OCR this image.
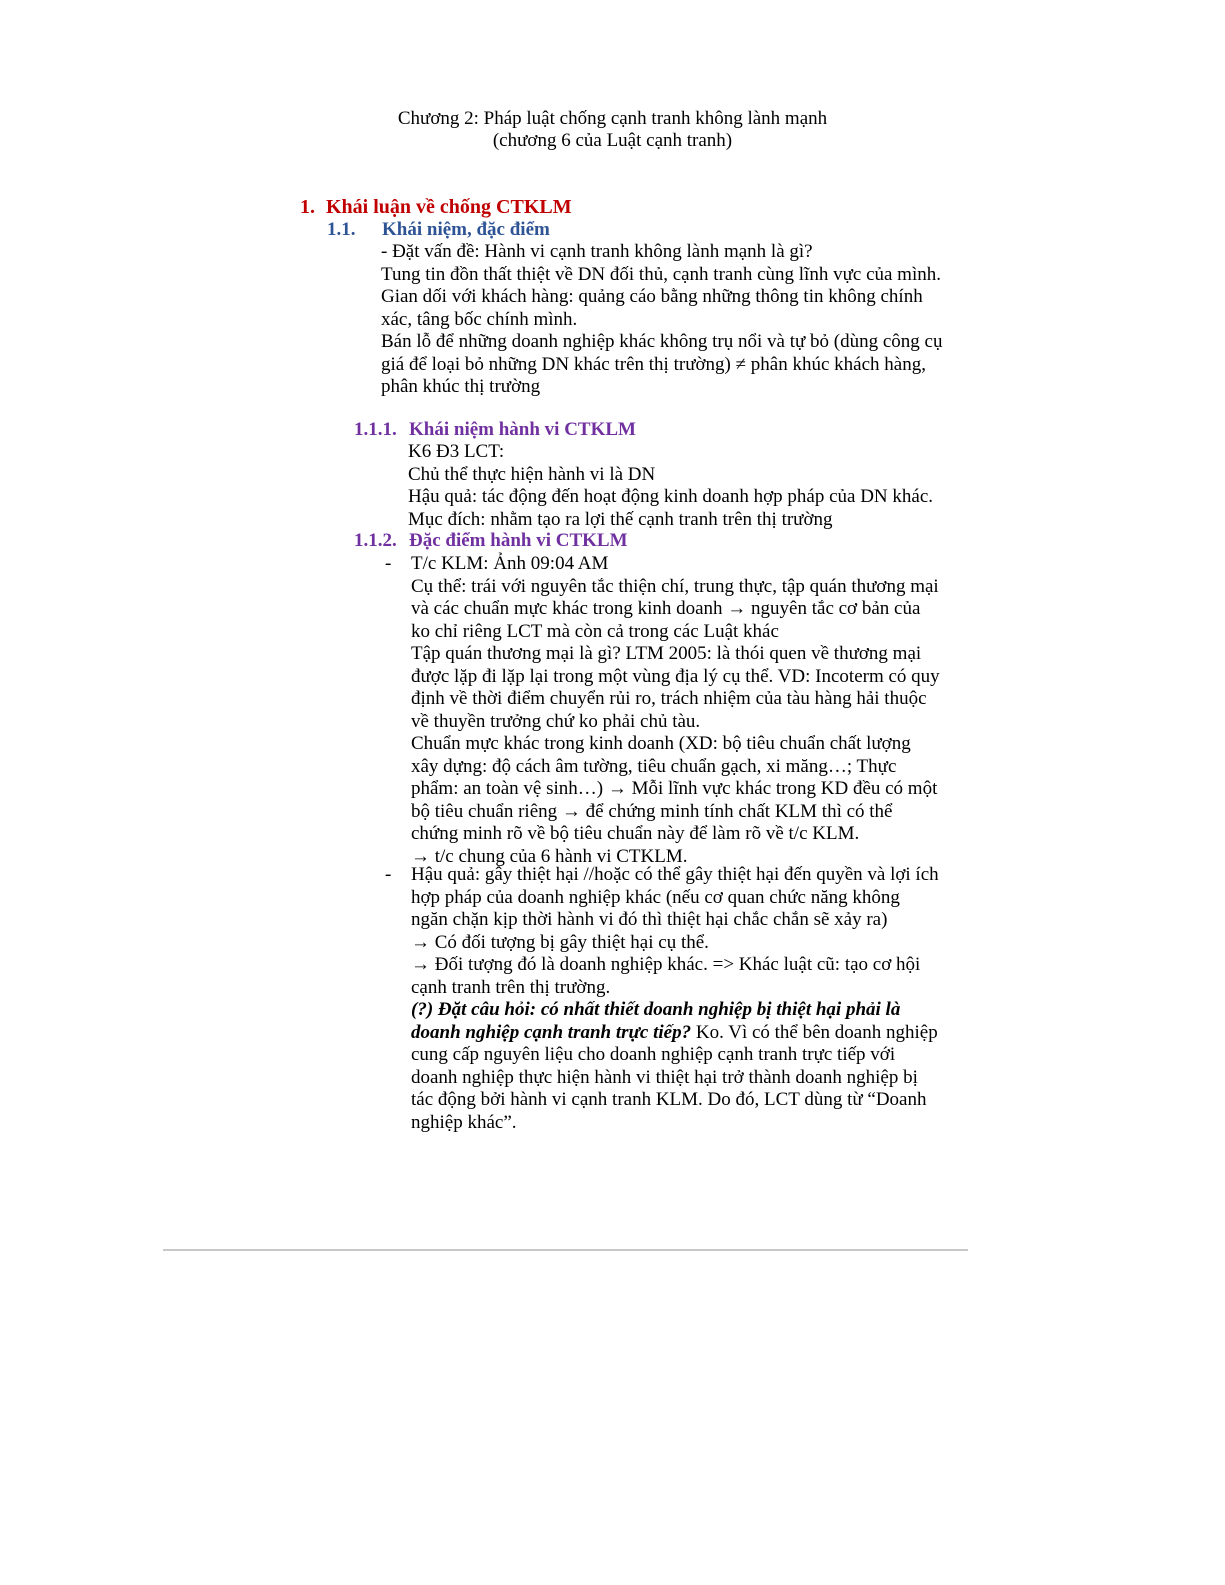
Chương 2: Pháp luật chống cạnh tranh không lành mạnh
(chương 6 của Luật cạnh tranh)
1. Khái luận về chống CTKLM
1.1. Khái niệm, đặc điểm

- Đặt vấn đề: Hành vi cạnh tranh không lành mạnh là gì?

Tung tin đồn thất thiệt về DN đối thủ, cạnh tranh cùng lĩnh vực của mình.

Gian dối với khách hàng: quảng cáo bằng những thông tin không chính xác, tâng bốc chính mình.

Bán lỗ để những doanh nghiệp khác không trụ nổi và tự bỏ (dùng công cụ giá để loại bỏ những DN khác trên thị trường) ≠ phân khúc khách hàng, phân khúc thị trường

1.1.1. Khái niệm hành vi CTKLM

K6 Đ3 LCT:

Chủ thể thực hiện hành vi là DN

Hậu quả: tác động đến hoạt động kinh doanh hợp pháp của DN khác.

Mục đích: nhằm tạo ra lợi thế cạnh tranh trên thị trường

1.1.2. Đặc điểm hành vi CTKLM
- T/c KLM: Ảnh 09:04 AM

Cụ thể: trái với nguyên tắc thiện chí, trung thực, tập quán thương mại và các chuẩn mực khác trong kinh doanh → nguyên tắc cơ bản của ko chỉ riêng LCT mà còn cả trong các Luật khác

Tập quán thương mại là gì? LTM 2005: là thói quen về thương mại được lặp đi lặp lại trong một vùng địa lý cụ thể. VD: Incoterm có quy định về thời điểm chuyển rủi ro, trách nhiệm của tàu hàng hải thuộc về thuyền trưởng chứ ko phải chủ tàu.

Chuẩn mực khác trong kinh doanh (XD: bộ tiêu chuẩn chất lượng xây dựng: độ cách âm tường, tiêu chuẩn gạch, xi măng…; Thực phẩm: an toàn vệ sinh…) → Mỗi lĩnh vực khác trong KD đều có một bộ tiêu chuẩn riêng → để chứng minh tính chất KLM thì có thể chứng minh rõ về bộ tiêu chuẩn này để làm rõ về t/c KLM.

→ t/c chung của 6 hành vi CTKLM.

- Hậu quả: gây thiệt hại //hoặc có thể gây thiệt hại đến quyền và lợi ích hợp pháp của doanh nghiệp khác (nếu cơ quan chức năng không ngăn chặn kịp thời hành vi đó thì thiệt hại chắc chắn sẽ xảy ra)

→ Có đối tượng bị gây thiệt hại cụ thể.

→ Đối tượng đó là doanh nghiệp khác. => Khác luật cũ: tạo cơ hội cạnh tranh trên thị trường.

(?) Đặt câu hỏi: có nhất thiết doanh nghiệp bị thiệt hại phải là doanh nghiệp cạnh tranh trực tiếp? Ko. Vì có thể bên doanh nghiệp cung cấp nguyên liệu cho doanh nghiệp cạnh tranh trực tiếp với doanh nghiệp thực hiện hành vi thiệt hại trở thành doanh nghiệp bị tác động bởi hành vi cạnh tranh KLM. Do đó, LCT dùng từ “Doanh nghiệp khác”.
